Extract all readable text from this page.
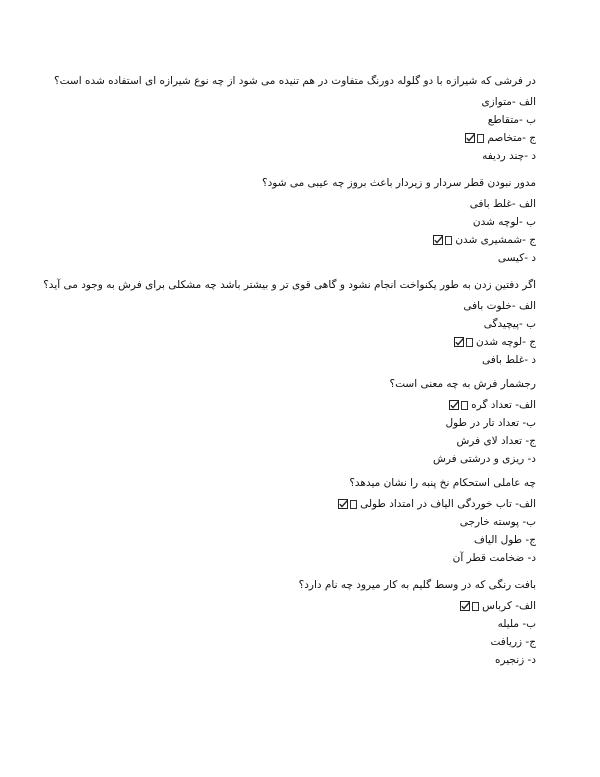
در فرشی که شیرازه با دو گلوله دورنگ متفاوت در هم تنیده می شود از چه نوع شیرازه ای استفاده شده است؟
الف -متوازی
ب -متقاطع
ج -متخاصم
د -چند ردیفه
مدور نبودن قطر سردار و زیردار باعث بروز چه عیبی می شود؟
الف -غلط بافی
ب -لوچه شدن
ج -شمشیری شدن
د -کیسی
اگر دفتین زدن به طور یکنواخت انجام نشود و گاهی قوی تر و بیشتر باشد چه مشکلی برای فرش به وجود می آید؟
الف -خلوت بافی
ب -پیچیدگی
ج -لوچه شدن
د -غلط بافی
رجشمار فرش به چه معنی است؟
الف- تعداد گره
ب- تعداد تار در طول
ج- تعداد لای فرش
د- ریزی و درشتی فرش
چه عاملی استحکام نخ پنبه را نشان میدهد؟
الف- تاب خوردگی الیاف در امتداد طولی
ب- پوسته خارجی
ج- طول الیاف
د- ضخامت قطر آن
بافت رنگی که در وسط گلیم به کار میرود چه نام دارد؟
الف- کرباس
ب- ملیله
ج- زریافت
د- زنجیره
